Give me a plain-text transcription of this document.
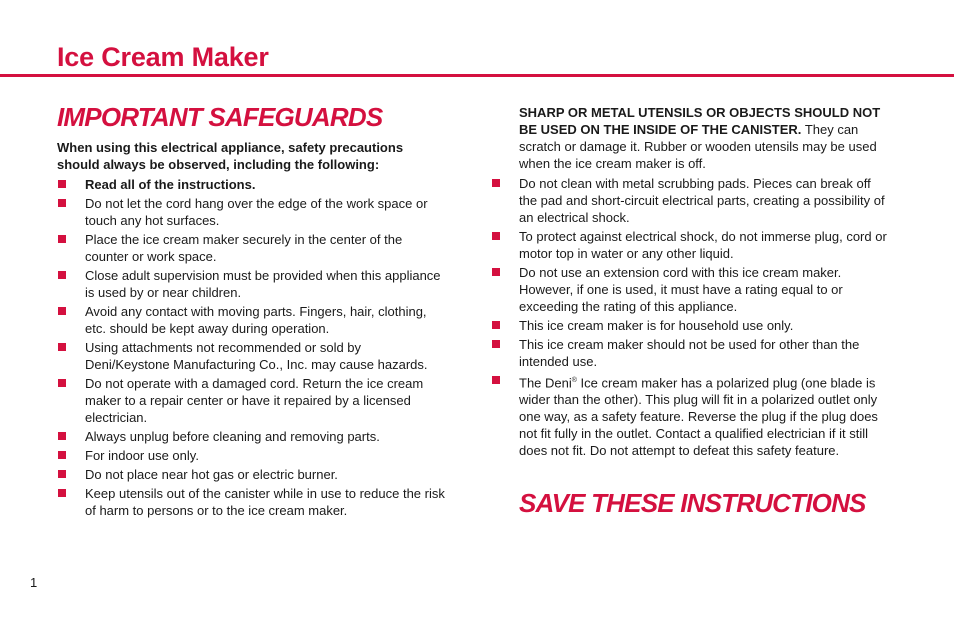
Ice Cream Maker
IMPORTANT SAFEGUARDS

When using this electrical appliance, safety precautions should always be observed, including the following:

Read all of the instructions.
Do not let the cord hang over the edge of the work space or touch any hot surfaces.
Place the ice cream maker securely in the center of the counter or work space.
Close adult supervision must be provided when this appliance is used by or near children.
Avoid any contact with moving parts. Fingers, hair, clothing, etc. should be kept away during operation.
Using attachments not recommended or sold by Deni/Keystone Manufacturing Co., Inc. may cause hazards.
Do not operate with a damaged cord. Return the ice cream maker to a repair center or have it repaired by a licensed electrician.
Always unplug before cleaning and removing parts.
For indoor use only.
Do not place near hot gas or electric burner.
Keep utensils out of the canister while in use to reduce the risk of harm to persons or to the ice cream maker.
SHARP OR METAL UTENSILS OR OBJECTS SHOULD NOT BE USED ON THE INSIDE OF THE CANISTER. They can scratch or damage it. Rubber or wooden utensils may be used when the ice cream maker is off.
Do not clean with metal scrubbing pads. Pieces can break off the pad and short-circuit electrical parts, creating a possibility of an electrical shock.
To protect against electrical shock, do not immerse plug, cord or motor top in water or any other liquid.
Do not use an extension cord with this ice cream maker. However, if one is used, it must have a rating equal to or exceeding the rating of this appliance.
This ice cream maker is for household use only.
This ice cream maker should not be used for other than the intended use.
The Deni® Ice cream maker has a polarized plug (one blade is wider than the other). This plug will fit in a polarized outlet only one way, as a safety feature. Reverse the plug if the plug does not fit fully in the outlet. Contact a qualified electrician if it still does not fit. Do not attempt to defeat this safety feature.
SAVE THESE INSTRUCTIONS
1
